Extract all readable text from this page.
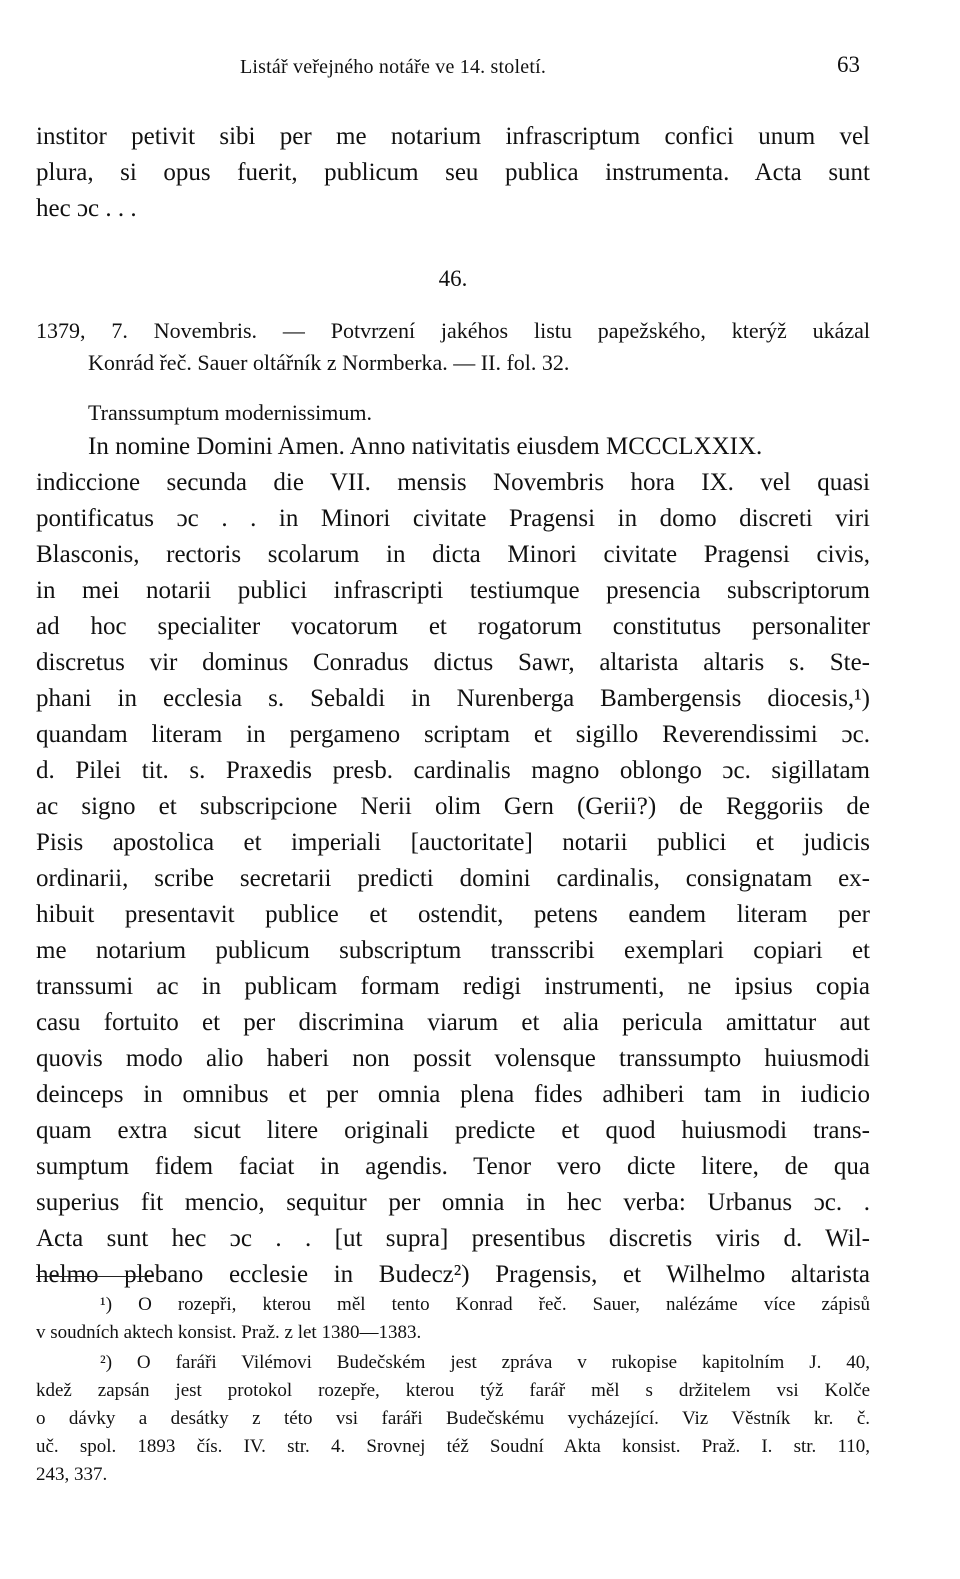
Listář veřejného notáře ve 14. století.	63
institor petivit sibi per me notarium infrascriptum confici unum vel
plura, si opus fuerit, publicum seu publica instrumenta. Acta sunt
hec ɔc . . .
46.
1379, 7. Novembris. — Potvrzení jakéhos listu papežského, kterýž ukázal
Konrád řeč. Sauer oltářník z Normberka. — II. fol. 32.
Transsumptum modernissimum.
In nomine Domini Amen. Anno nativitatis eiusdem MCCCLXXIX.
indiccione secunda die VII. mensis Novembris hora IX. vel quasi
pontificatus ɔc . . in Minori civitate Pragensi in domo discreti viri
Blasconis, rectoris scolarum in dicta Minori civitate Pragensi civis,
in mei notarii publici infrascripti testiumque presencia subscriptorum
ad hoc specialiter vocatorum et rogatorum constitutus personaliter
discretus vir dominus Conradus dictus Sawr, altarista altaris s. Ste-
phani in ecclesia s. Sebaldi in Nurenberga Bambergensis diocesis,¹)
quandam literam in pergameno scriptam et sigillo Reverendissimi ɔc.
d. Pilei tit. s. Praxedis presb. cardinalis magno oblongo ɔc. sigillatam
ac signo et subscripcione Nerii olim Gern (Gerii?) de Reggoriis de
Pisis apostolica et imperiali [auctoritate] notarii publici et judicis
ordinarii, scribe secretarii predicti domini cardinalis, consignatam ex-
hibuit presentavit publice et ostendit, petens eandem literam per
me notarium publicum subscriptum transscribi exemplari copiari et
transsumi ac in publicam formam redigi instrumenti, ne ipsius copia
casu fortuito et per discrimina viarum et alia pericula amittatur aut
quovis modo alio haberi non possit volensque transsumpto huiusmodi
deinceps in omnibus et per omnia plena fides adhiberi tam in iudicio
quam extra sicut litere originali predicte et quod huiusmodi trans-
sumptum fidem faciat in agendis. Tenor vero dicte litere, de qua
superius fit mencio, sequitur per omnia in hec verba: Urbanus ɔc. .
Acta sunt hec ɔc . . [ut supra] presentibus discretis viris d. Wil-
helmo plebano ecclesie in Budecz²) Pragensis, et Wilhelmo altarista
¹) O rozepři, kterou měl tento Konrad řeč. Sauer, nalézáme více zápisů
v soudních aktech konsist. Praž. z let 1380—1383.
²) O faráři Vilémovi Budečském jest zpráva v rukopise kapitolním J. 40,
kdež zapsán jest protokol rozepře, kterou týž farář měl s držitelem vsi Kolče
o dávky a desátky z této vsi faráři Budečskému vycházející. Viz Věstník kr. č.
uč. spol. 1893 čís. IV. str. 4. Srovnej též Soudní Akta konsist. Praž. I. str. 110,
243, 337.
